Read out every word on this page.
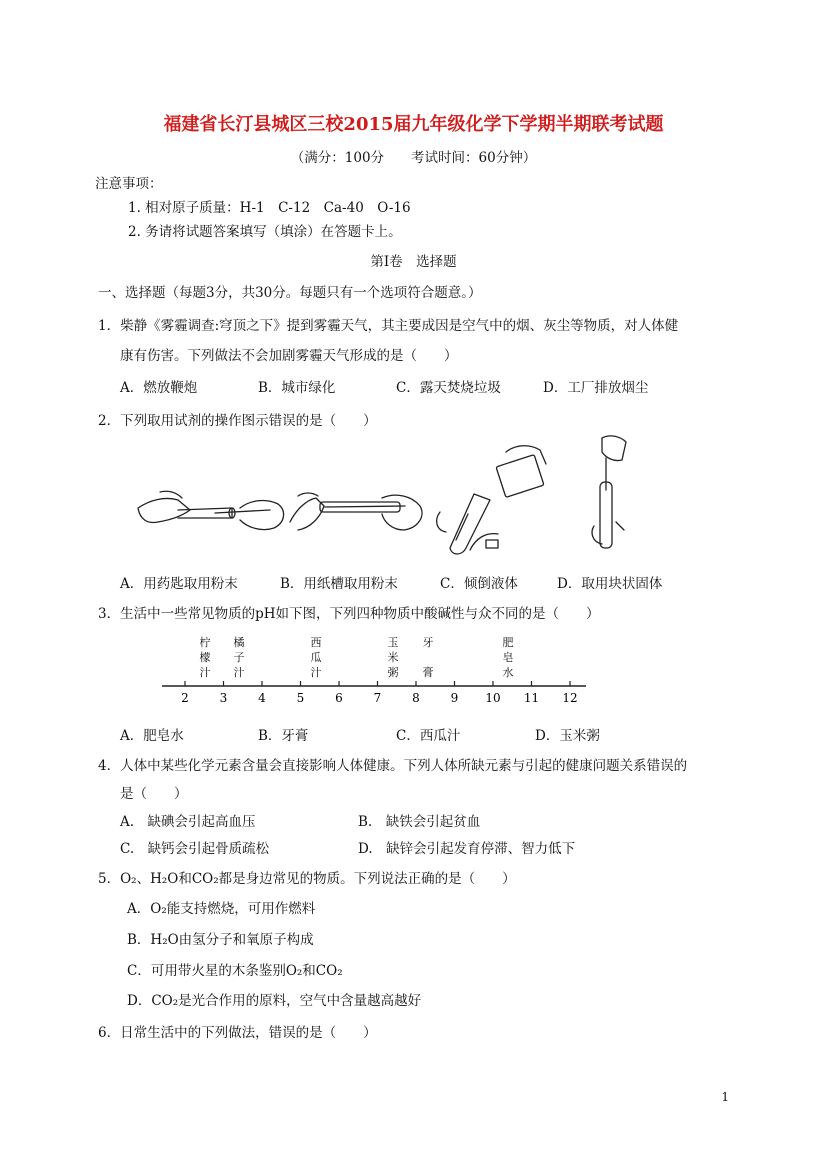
福建省长汀县城区三校2015届九年级化学下学期半期联考试题
（满分：100分　　考试时间：60分钟）
注意事项：
1. 相对原子质量：H-1　C-12　Ca-40　O-16
2. 务请将试题答案填写（填涂）在答题卡上。
第Ⅰ卷　选择题
一、选择题（每题3分，共30分。每题只有一个选项符合题意。）
1．柴静《雾霾调查:穹顶之下》提到雾霾天气，其主要成因是空气中的烟、灰尘等物质，对人体健
康有伤害。下列做法不会加剧雾霾天气形成的是（　　）
A．燃放鞭炮	B．城市绿化	C．露天焚烧垃圾	D．工厂排放烟尘
2．下列取用试剂的操作图示错误的是（　　）
A．用药匙取用粉末	B．用纸槽取用粉末	C．倾倒液体	D．取用块状固体
3．生活中一些常见物质的pH如下图，下列四种物质中酸碱性与众不同的是（　　）
2	3	4	5	6	7	8	9 10 11 12
柠
檬
汁
橘
子
汁
西
瓜
汁
玉
米
粥
牙
膏
肥
皂
水
A．肥皂水	B．牙膏	C．西瓜汁	D．玉米粥
4．人体中某些化学元素含量会直接影响人体健康。下列人体所缺元素与引起的健康问题关系错误的
是（　　）
A.　缺碘会引起高血压	B.　缺铁会引起贫血
C.　缺钙会引起骨质疏松	D.　缺锌会引起发育停滞、智力低下
5．O₂、H₂O和CO₂都是身边常见的物质。下列说法正确的是（　　）
A．O₂能支持燃烧，可用作燃料
B．H₂O由氢分子和氧原子构成
C．可用带火星的木条鉴别O₂和CO₂
D．CO₂是光合作用的原料，空气中含量越高越好
6．日常生活中的下列做法，错误的是（　　）
1
